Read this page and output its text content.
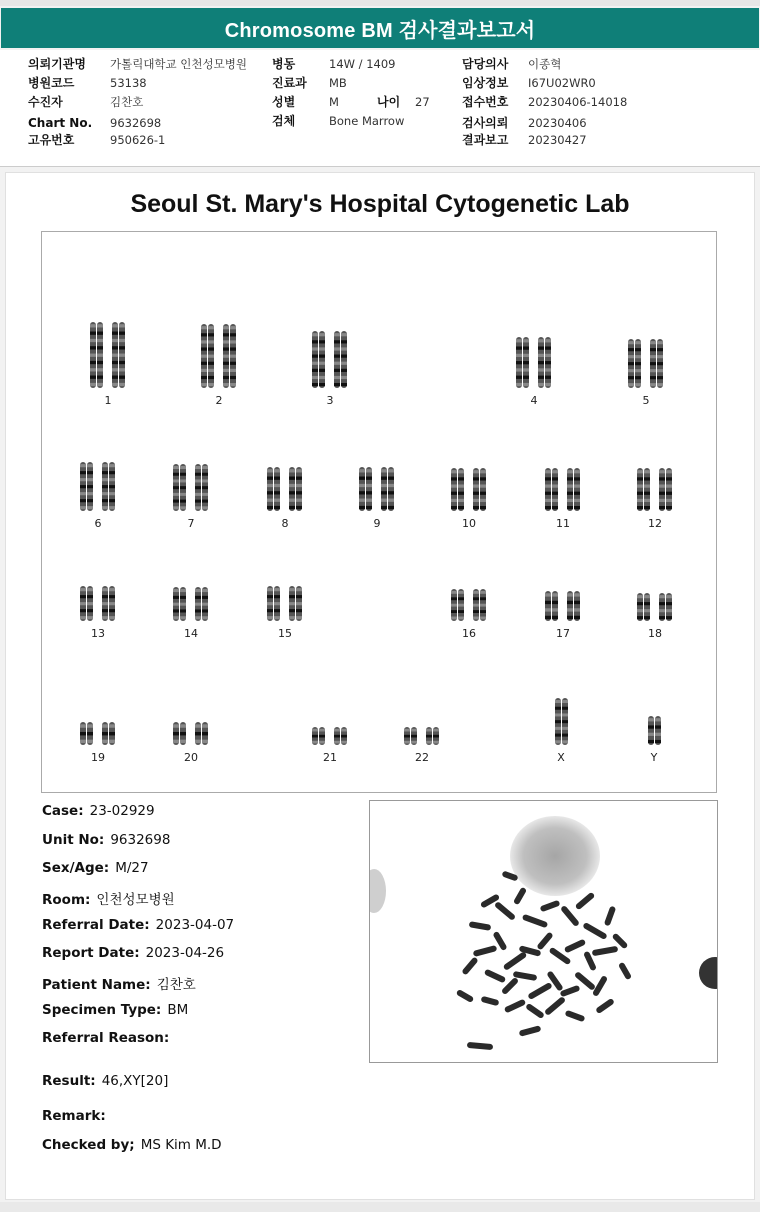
Chromosome BM 검사결과보고서
의뢰기관명 가톨릭대학교 인천성모병원
병원코드	53138
수진자	김찬호
Chart No. 9632698
고유번호	950626-1
병동	14W / 1409
진료과 MB
성별	M	나이 27
검체	Bone Marrow
담당의사 이종혁
임상정보 I67U02WR0
접수번호 20230406-14018
검사의뢰 20230406
결과보고 20230427
Seoul St. Mary's Hospital Cytogenetic Lab
1	2	3	4	5
6	7	8	9	10	11	12
13	14	15	16	17	18
19	20	21	22	X	Y
Case: 23-02929
Unit No: 9632698
Sex/Age: M/27
Room: 인천성모병원
Referral Date: 2023-04-07
Report Date: 2023-04-26
Patient Name: 김찬호
Specimen Type: BM
Referral Reason:
Result: 46,XY[20]
Remark:
Checked by; MS Kim M.D
